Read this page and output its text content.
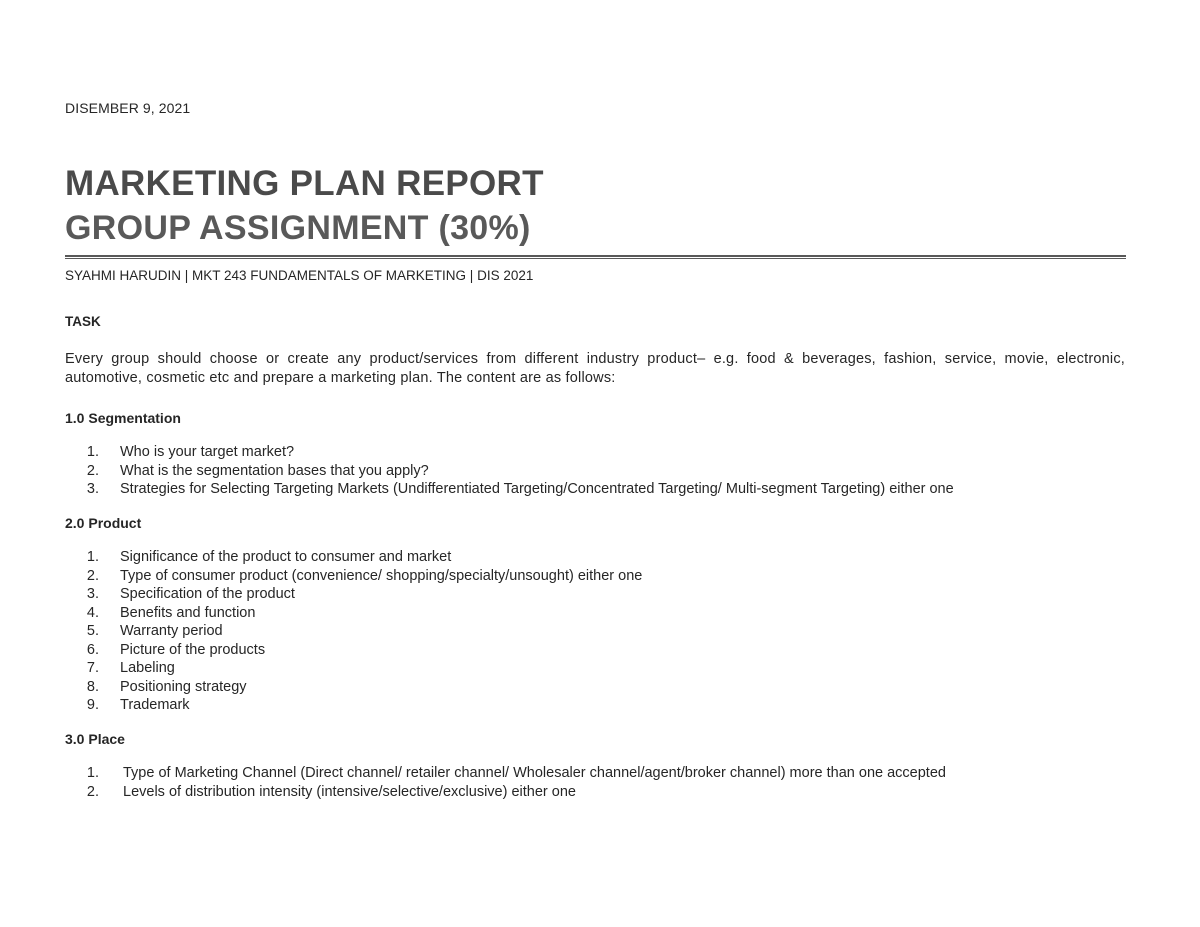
DISEMBER 9, 2021
MARKETING PLAN REPORT
GROUP ASSIGNMENT (30%)
SYAHMI HARUDIN | MKT 243 FUNDAMENTALS OF MARKETING | DIS 2021
TASK

Every group should choose or create any product/services from different industry product– e.g. food & beverages, fashion, service, movie, electronic, automotive, cosmetic etc and prepare a marketing plan. The content are as follows:

1.0 Segmentation
1. Who is your target market?
2. What is the segmentation bases that you apply?
3. Strategies for Selecting Targeting Markets (Undifferentiated Targeting/Concentrated Targeting/ Multi-segment Targeting) either one
2.0 Product
1. Significance of the product to consumer and market
2. Type of consumer product (convenience/ shopping/specialty/unsought) either one
3. Specification of the product
4. Benefits and function
5. Warranty period
6. Picture of the products
7. Labeling
8. Positioning strategy
9. Trademark
3.0 Place
1. Type of Marketing Channel (Direct channel/ retailer channel/ Wholesaler channel/agent/broker channel) more than one accepted
2. Levels of distribution intensity (intensive/selective/exclusive) either one
